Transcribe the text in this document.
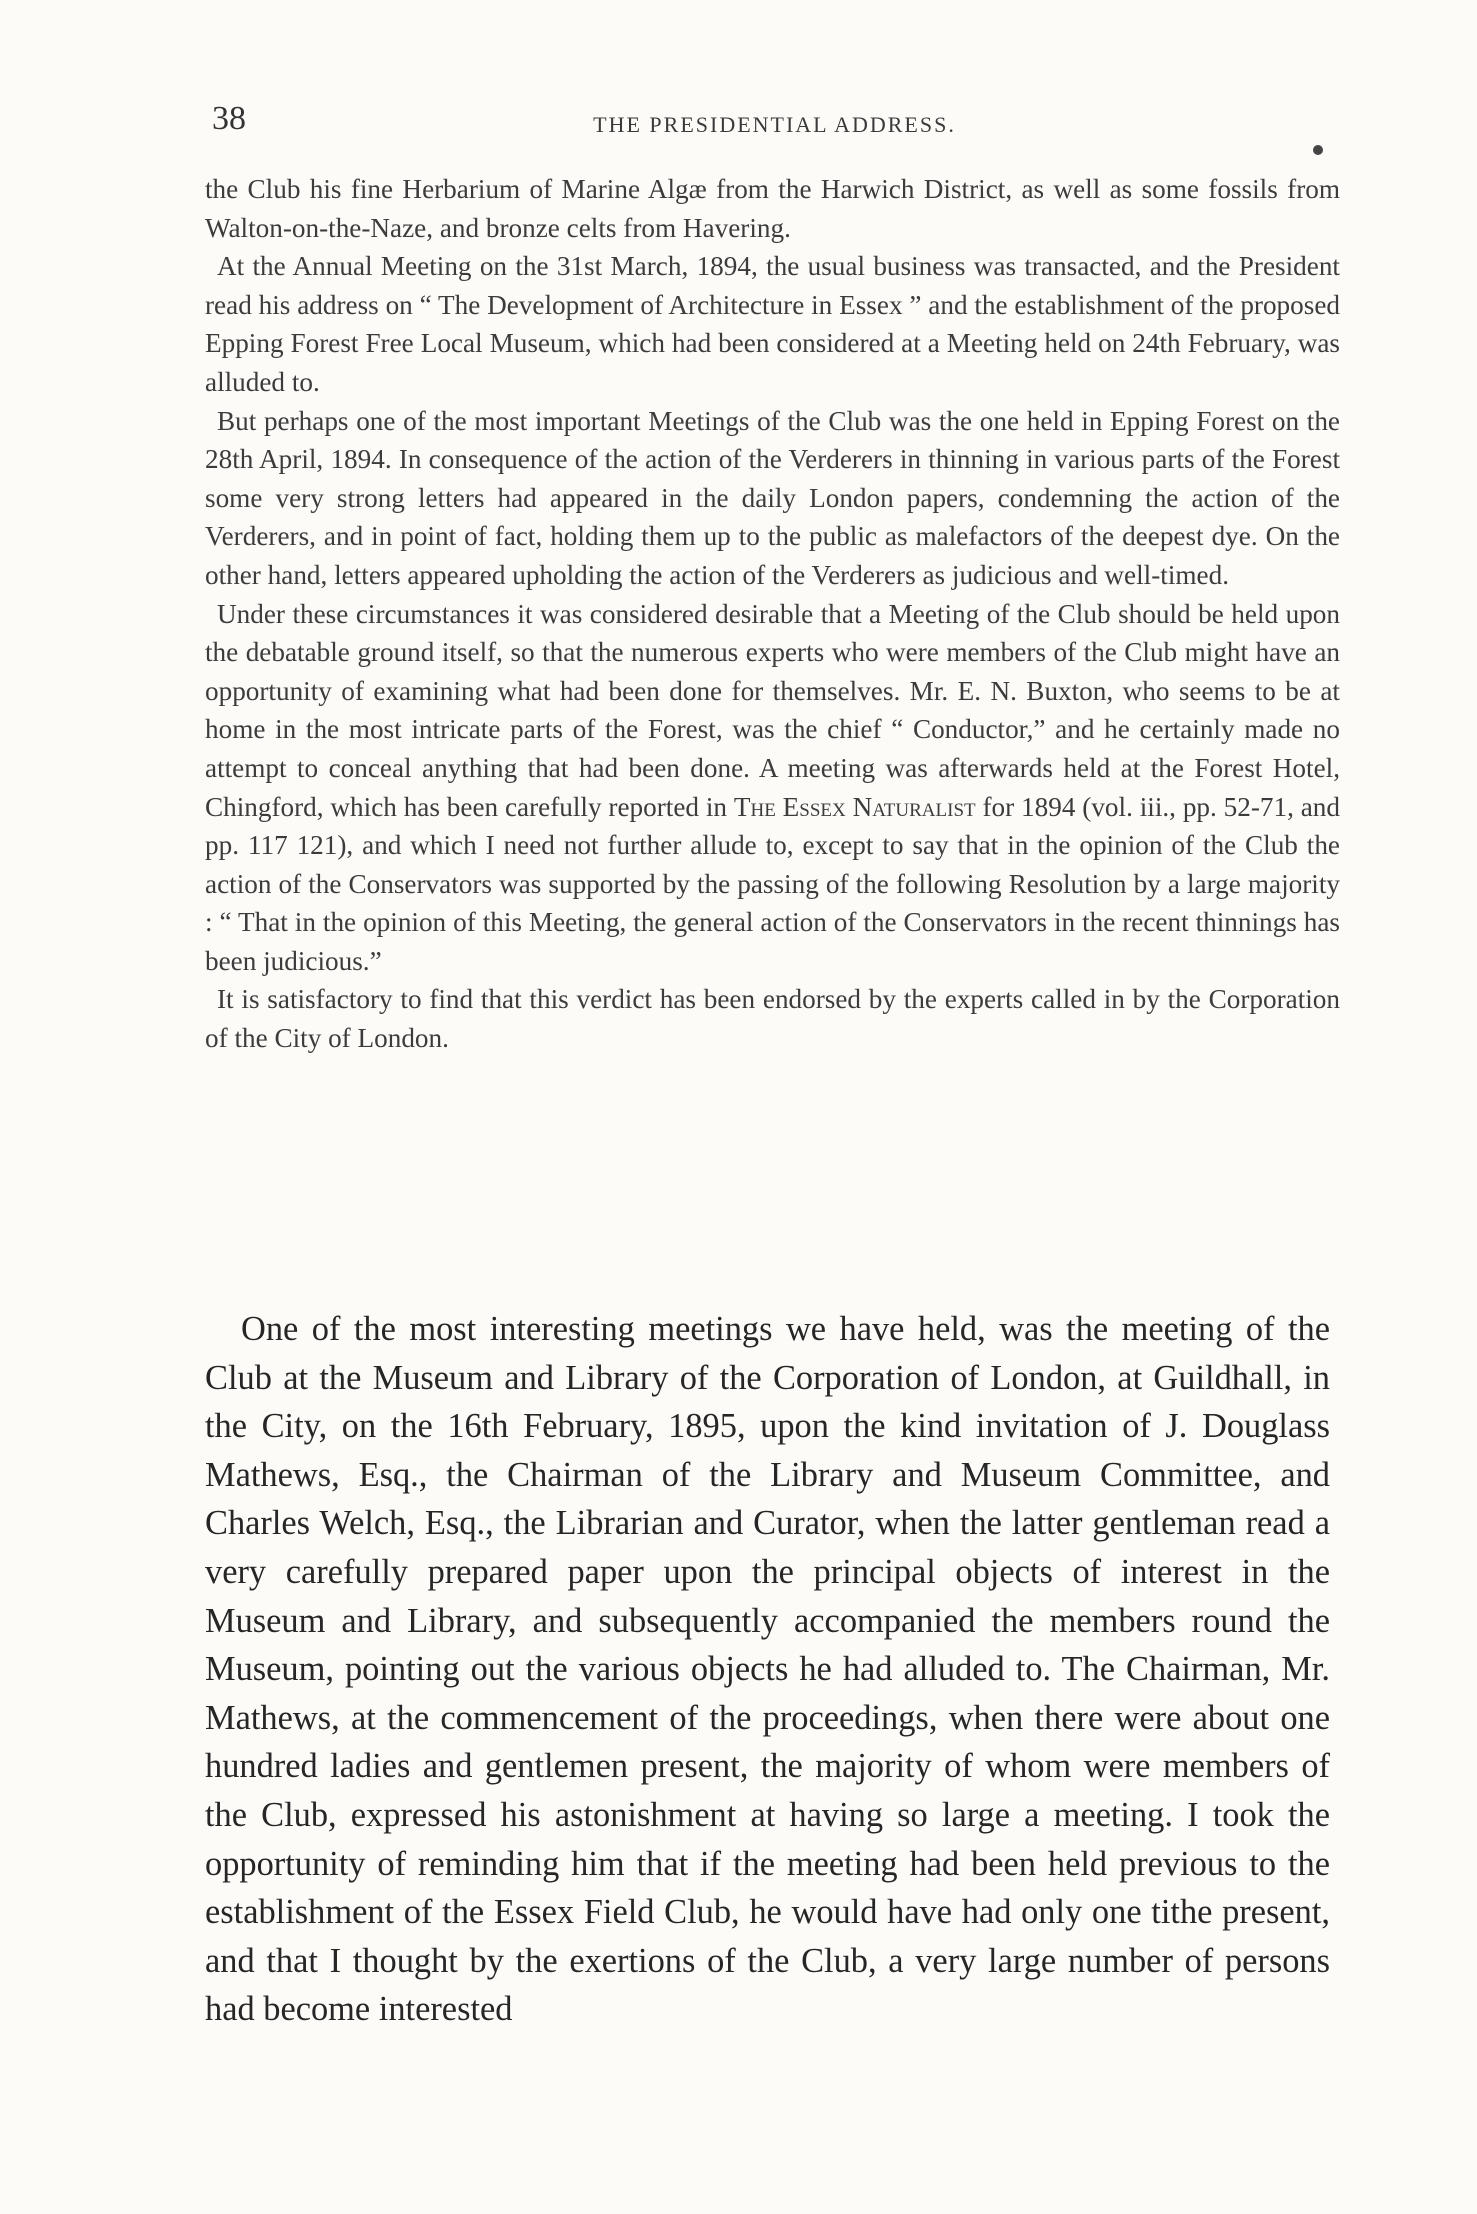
38	THE PRESIDENTIAL ADDRESS.

the Club his fine Herbarium of Marine Algæ from the Harwich District, as well as some fossils from Walton-on-the-Naze, and bronze celts from Havering.

At the Annual Meeting on the 31st March, 1894, the usual business was transacted, and the President read his address on “ The Development of Architecture in Essex ” and the establishment of the proposed Epping Forest Free Local Museum, which had been considered at a Meeting held on 24th February, was alluded to.

But perhaps one of the most important Meetings of the Club was the one held in Epping Forest on the 28th April, 1894. In consequence of the action of the Verderers in thinning in various parts of the Forest some very strong letters had appeared in the daily London papers, condemning the action of the Verderers, and in point of fact, holding them up to the public as malefactors of the deepest dye. On the other hand, letters appeared upholding the action of the Verderers as judicious and well-timed.

Under these circumstances it was considered desirable that a Meeting of the Club should be held upon the debatable ground itself, so that the numerous experts who were members of the Club might have an opportunity of examining what had been done for themselves. Mr. E. N. Buxton, who seems to be at home in the most intricate parts of the Forest, was the chief “ Conductor,” and he certainly made no attempt to conceal anything that had been done. A meeting was afterwards held at the Forest Hotel, Chingford, which has been carefully reported in The Essex Naturalist for 1894 (vol. iii., pp. 52-71, and pp. 117 121), and which I need not further allude to, except to say that in the opinion of the Club the action of the Conservators was supported by the passing of the following Resolution by a large majority : “ That in the opinion of this Meeting, the general action of the Conservators in the recent thinnings has been judicious.”

It is satisfactory to find that this verdict has been endorsed by the experts called in by the Corporation of the City of London.

One of the most interesting meetings we have held, was the meeting of the Club at the Museum and Library of the Corporation of London, at Guildhall, in the City, on the 16th February, 1895, upon the kind invitation of J. Douglass Mathews, Esq., the Chairman of the Library and Museum Committee, and Charles Welch, Esq., the Librarian and Curator, when the latter gentleman read a very carefully prepared paper upon the principal objects of interest in the Museum and Library, and subsequently accompanied the members round the Museum, pointing out the various objects he had alluded to. The Chairman, Mr. Mathews, at the commencement of the proceedings, when there were about one hundred ladies and gentlemen present, the majority of whom were members of the Club, expressed his astonishment at having so large a meeting. I took the opportunity of reminding him that if the meeting had been held previous to the establishment of the Essex Field Club, he would have had only one tithe present, and that I thought by the exertions of the Club, a very large number of persons had become interested
